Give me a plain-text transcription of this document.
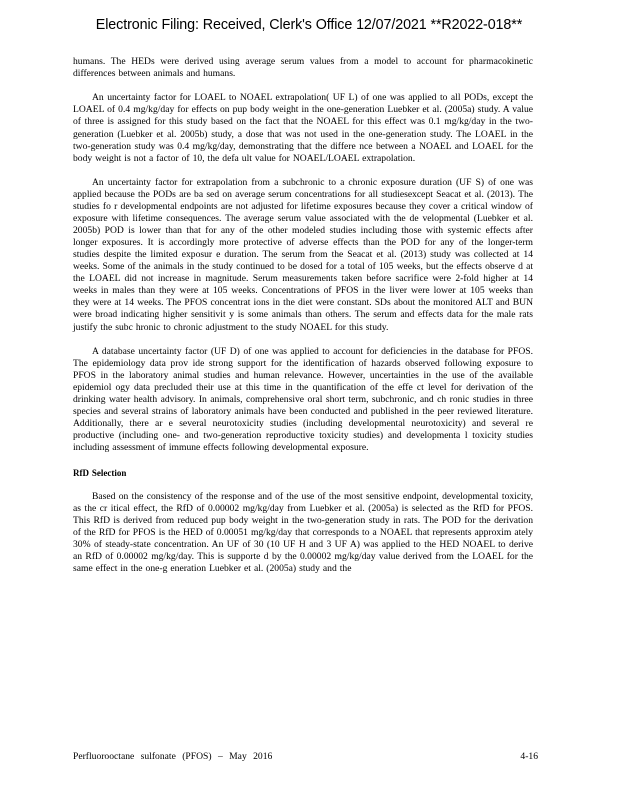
Electronic Filing: Received, Clerk's Office 12/07/2021 **R2022-018**

humans. The HEDs were derived using average serum values from a model to account for pharmacokinetic differences between animals and humans.

An uncertainty factor for LOAEL to NOAEL extrapolation( UF L) of one was applied to all PODs, except the LOAEL of 0.4 mg/kg/day for effects on pup body weight in the one-generation Luebker et al. (2005a) study. A value of three is assigned for this study based on the fact that the NOAEL for this effect was 0.1 mg/kg/day in the two-generation (Luebker et al. 2005b) study, a dose that was not used in the one-generation study. The LOAEL in the two-generation study was 0.4 mg/kg/day, demonstrating that the differe nce between a NOAEL and LOAEL for the body weight is not a factor of 10, the defa ult value for NOAEL/LOAEL extrapolation.

An uncertainty factor for extrapolation from a subchronic to a chronic exposure duration (UF S) of one was applied because the PODs are ba sed on average serum concentrations for all studiesexcept Seacat et al. (2013). The studies fo r developmental endpoints are not adjusted for lifetime exposures because they cover a critical window of exposure with lifetime consequences. The average serum value associated with the de velopmental (Luebker et al. 2005b) POD is lower than that for any of the other modeled studies including those with systemic effects after longer exposures. It is accordingly more protective of adverse effects than the POD for any of the longer-term studies despite the limited exposur e duration. The serum from the Seacat et al. (2013) study was collected at 14 weeks. Some of the animals in the study continued to be dosed for a total of 105 weeks, but the effects observe d at the LOAEL did not increase in magnitude. Serum measurements taken before sacrifice were 2-fold higher at 14 weeks in males than they were at 105 weeks. Concentrations of PFOS in the liver were lower at 105 weeks than they were at 14 weeks. The PFOS concentrat ions in the diet were constant. SDs about the monitored ALT and BUN were broad indicating higher sensitivit y is some animals than others. The serum and effects data for the male rats justify the subc hronic to chronic adjustment to the study NOAEL for this study.

A database uncertainty factor (UF D) of one was applied to account for deficiencies in the database for PFOS. The epidemiology data prov ide strong support for the identification of hazards observed following exposure to PFOS in the laboratory animal studies and human relevance. However, uncertainties in the use of the available epidemiol ogy data precluded their use at this time in the quantification of the effe ct level for derivation of the drinking water health advisory. In animals, comprehensive oral short term, subchronic, and ch ronic studies in three species and several strains of laboratory animals have been conducted and published in the peer reviewed literature. Additionally, there ar e several neurotoxicity studies (including developmental neurotoxicity) and several re productive (including one- and two-generation reproductive toxicity studies) and developmenta l toxicity studies including assessment of immune effects following developmental exposure.

RfD Selection

Based on the consistency of the response and of the use of the most sensitive endpoint, developmental toxicity, as the cr itical effect, the RfD of 0.00002 mg/kg/day from Luebker et al. (2005a) is selected as the RfD for PFOS. This RfD is derived from reduced pup body weight in the two-generation study in rats. The POD for the derivation of the RfD for PFOS is the HED of 0.00051 mg/kg/day that corresponds to a NOAEL that represents approxim ately 30% of steady-state concentration. An UF of 30 (10 UF H and 3 UF A) was applied to the HED NOAEL to derive an RfD of 0.00002 mg/kg/day. This is supporte d by the 0.00002 mg/kg/day value derived from the LOAEL for the same effect in the one-g eneration Luebker et al. (2005a) study and the

Perfluorooctane sulfonate (PFOS) – May 2016	4-16
